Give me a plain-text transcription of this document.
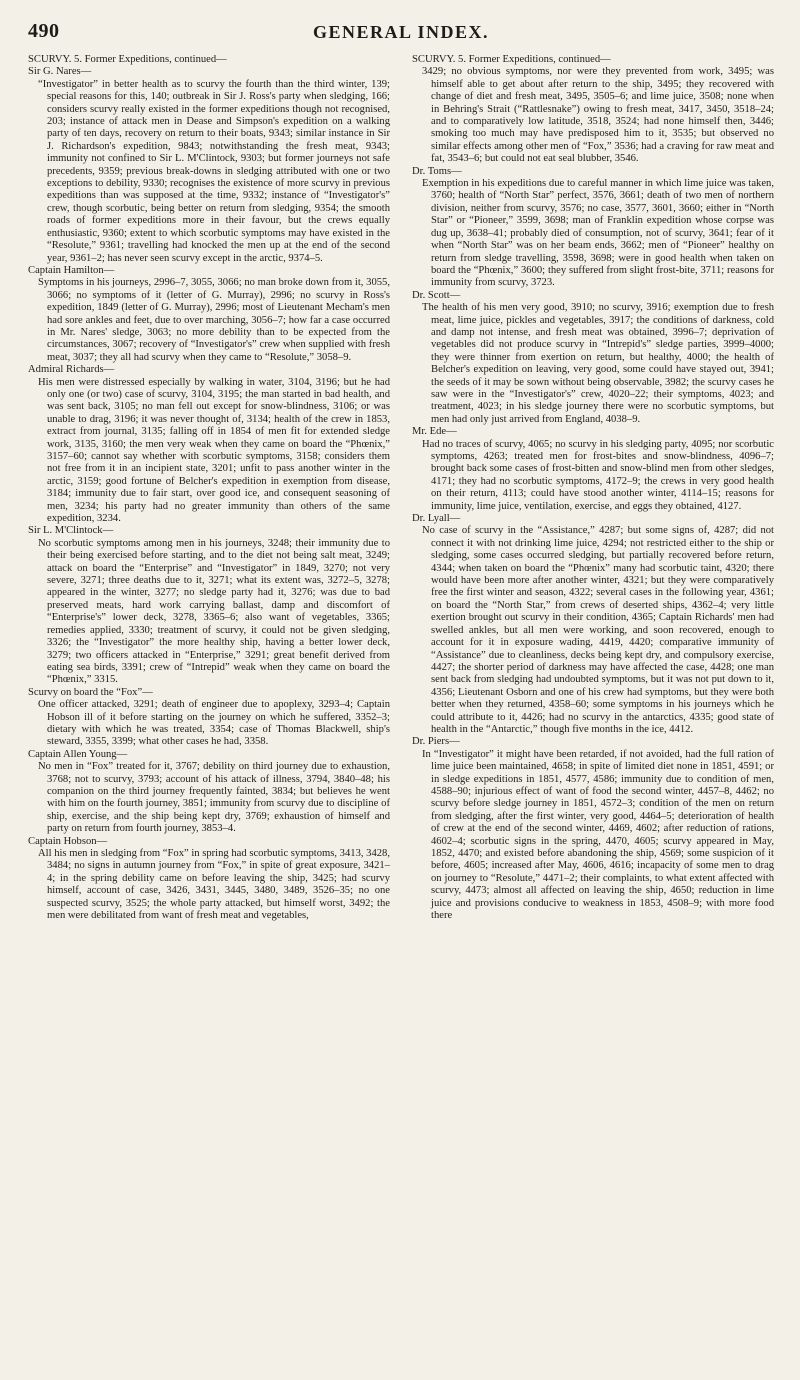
490	GENERAL INDEX.

SCURVY. 5. Former Expeditions, continued—

Sir G. Nares—

“Investigator” in better health as to scurvy the fourth than the third winter, 139; special reasons for this, 140; outbreak in Sir J. Ross's party when sledging, 166; considers scurvy really existed in the former expeditions though not recognised, 203; instance of attack men in Dease and Simpson's expedition on a walking party of ten days, recovery on return to their boats, 9343; similar instance in Sir J. Richardson's expedition, 9843; notwithstanding the fresh meat, 9343; immunity not confined to Sir L. M'Clintock, 9303; but former journeys not safe precedents, 9359; previous break-downs in sledging attributed with one or two exceptions to debility, 9330; recognises the existence of more scurvy in previous expeditions than was supposed at the time, 9332; instance of “Investigator's” crew, though scorbutic, being better on return from sledging, 9354; the smooth roads of former expeditions more in their favour, but the crews equally enthusiastic, 9360; extent to which scorbutic symptoms may have existed in the “Resolute,” 9361; travelling had knocked the men up at the end of the second year, 9361–2; has never seen scurvy except in the arctic, 9374–5.

Captain Hamilton—

Symptoms in his journeys, 2996–7, 3055, 3066; no man broke down from it, 3055, 3066; no symptoms of it (letter of G. Murray), 2996; no scurvy in Ross's expedition, 1849 (letter of G. Murray), 2996; most of Lieutenant Mecham's men had sore ankles and feet, due to over marching, 3056–7; how far a case occurred in Mr. Nares' sledge, 3063; no more debility than to be expected from the circumstances, 3067; recovery of “Investigator's” crew when supplied with fresh meat, 3037; they all had scurvy when they came to “Resolute,” 3058–9.

Admiral Richards—

His men were distressed especially by walking in water, 3104, 3196; but he had only one (or two) case of scurvy, 3104, 3195; the man started in bad health, and was sent back, 3105; no man fell out except for snow-blindness, 3106; or was unable to drag, 3196; it was never thought of, 3134; health of the crew in 1853, extract from journal, 3135; falling off in 1854 of men fit for extended sledge work, 3135, 3160; the men very weak when they came on board the “Phœnix,” 3157–60; cannot say whether with scorbutic symptoms, 3158; considers them not free from it in an incipient state, 3201; unfit to pass another winter in the arctic, 3159; good fortune of Belcher's expedition in exemption from disease, 3184; immunity due to fair start, over good ice, and consequent seasoning of men, 3234; his party had no greater immunity than others of the same expedition, 3234.

Sir L. M'Clintock—

No scorbutic symptoms among men in his journeys, 3248; their immunity due to their being exercised before starting, and to the diet not being salt meat, 3249; attack on board the “Enterprise” and “Investigator” in 1849, 3270; not very severe, 3271; three deaths due to it, 3271; what its extent was, 3272–5, 3278; appeared in the winter, 3277; no sledge party had it, 3276; was due to bad preserved meats, hard work carrying ballast, damp and discomfort of “Enterprise's” lower deck, 3278, 3365–6; also want of vegetables, 3365; remedies applied, 3330; treatment of scurvy, it could not be given sledging, 3326; the “Investigator” the more healthy ship, having a better lower deck, 3279; two officers attacked in “Enterprise,” 3291; great benefit derived from eating sea birds, 3391; crew of “Intrepid” weak when they came on board the “Phœnix,” 3315.

Scurvy on board the “Fox”—

One officer attacked, 3291; death of engineer due to apoplexy, 3293–4; Captain Hobson ill of it before starting on the journey on which he suffered, 3352–3; dietary with which he was treated, 3354; case of Thomas Blackwell, ship's steward, 3355, 3399; what other cases he had, 3358.

Captain Allen Young—

No men in “Fox” treated for it, 3767; debility on third journey due to exhaustion, 3768; not to scurvy, 3793; account of his attack of illness, 3794, 3840–48; his companion on the third journey frequently fainted, 3834; but believes he went with him on the fourth journey, 3851; immunity from scurvy due to discipline of ship, exercise, and the ship being kept dry, 3769; exhaustion of himself and party on return from fourth journey, 3853–4.

Captain Hobson—

All his men in sledging from “Fox” in spring had scorbutic symptoms, 3413, 3428, 3484; no signs in autumn journey from “Fox,” in spite of great exposure, 3421–4; in the spring debility came on before leaving the ship, 3425; had scurvy himself, account of case, 3426, 3431, 3445, 3480, 3489, 3526–35; no one suspected scurvy, 3525; the whole party attacked, but himself worst, 3492; the men were debilitated from want of fresh meat and vegetables,

SCURVY. 5. Former Expeditions, continued—

3429; no obvious symptoms, nor were they prevented from work, 3495; was himself able to get about after return to the ship, 3495; they recovered with change of diet and fresh meat, 3495, 3505–6; and lime juice, 3508; none when in Behring's Strait (“Rattlesnake”) owing to fresh meat, 3417, 3450, 3518–24; and to comparatively low latitude, 3518, 3524; had none himself then, 3446; smoking too much may have predisposed him to it, 3535; but observed no similar effects among other men of “Fox,” 3536; had a craving for raw meat and fat, 3543–6; but could not eat seal blubber, 3546.

Dr. Toms—

Exemption in his expeditions due to careful manner in which lime juice was taken, 3760; health of “North Star” perfect, 3576, 3661; death of two men of northern division, neither from scurvy, 3576; no case, 3577, 3601, 3660; either in “North Star” or “Pioneer,” 3599, 3698; man of Franklin expedition whose corpse was dug up, 3638–41; probably died of consumption, not of scurvy, 3641; fear of it when “North Star” was on her beam ends, 3662; men of “Pioneer” healthy on return from sledge travelling, 3598, 3698; were in good health when taken on board the “Phœnix,” 3600; they suffered from slight frost-bite, 3711; reasons for immunity from scurvy, 3723.

Dr. Scott—

The health of his men very good, 3910; no scurvy, 3916; exemption due to fresh meat, lime juice, pickles and vegetables, 3917; the conditions of darkness, cold and damp not intense, and fresh meat was obtained, 3996–7; deprivation of vegetables did not produce scurvy in “Intrepid's” sledge parties, 3999–4000; they were thinner from exertion on return, but healthy, 4000; the health of Belcher's expedition on leaving, very good, some could have stayed out, 3941; the seeds of it may be sown without being observable, 3982; the scurvy cases he saw were in the “Investigator's” crew, 4020–22; their symptoms, 4023; and treatment, 4023; in his sledge journey there were no scorbutic symptoms, but men had only just arrived from England, 4038–9.

Mr. Ede—

Had no traces of scurvy, 4065; no scurvy in his sledging party, 4095; nor scorbutic symptoms, 4263; treated men for frost-bites and snow-blindness, 4096–7; brought back some cases of frost-bitten and snow-blind men from other sledges, 4171; they had no scorbutic symptoms, 4172–9; the crews in very good health on their return, 4113; could have stood another winter, 4114–15; reasons for immunity, lime juice, ventilation, exercise, and eggs they obtained, 4127.

Dr. Lyall—

No case of scurvy in the “Assistance,” 4287; but some signs of, 4287; did not connect it with not drinking lime juice, 4294; not restricted either to the ship or sledging, some cases occurred sledging, but partially recovered before return, 4344; when taken on board the “Phœnix” many had scorbutic taint, 4320; there would have been more after another winter, 4321; but they were comparatively free the first winter and season, 4322; several cases in the following year, 4361; on board the “North Star,” from crews of deserted ships, 4362–4; very little exertion brought out scurvy in their condition, 4365; Captain Richards' men had swelled ankles, but all men were working, and soon recovered, enough to account for it in exposure wading, 4419, 4420; comparative immunity of “Assistance” due to cleanliness, decks being kept dry, and compulsory exercise, 4427; the shorter period of darkness may have affected the case, 4428; one man sent back from sledging had undoubted symptoms, but it was not put down to it, 4356; Lieutenant Osborn and one of his crew had symptoms, but they were both better when they returned, 4358–60; some symptoms in his journeys which he could attribute to it, 4426; had no scurvy in the antarctics, 4335; good state of health in the “Antarctic,” though five months in the ice, 4412.

Dr. Piers—

In “Investigator” it might have been retarded, if not avoided, had the full ration of lime juice been maintained, 4658; in spite of limited diet none in 1851, 4591; or in sledge expeditions in 1851, 4577, 4586; immunity due to condition of men, 4588–90; injurious effect of want of food the second winter, 4457–8, 4462; no scurvy before sledge journey in 1851, 4572–3; condition of the men on return from sledging, after the first winter, very good, 4464–5; deterioration of health of crew at the end of the second winter, 4469, 4602; after reduction of rations, 4602–4; scorbutic signs in the spring, 4470, 4605; scurvy appeared in May, 1852, 4470; and existed before abandoning the ship, 4569; some suspicion of it before, 4605; increased after May, 4606, 4616; incapacity of some men to drag on journey to “Resolute,” 4471–2; their complaints, to what extent affected with scurvy, 4473; almost all affected on leaving the ship, 4650; reduction in lime juice and provisions conducive to weakness in 1853, 4508–9; with more food there
